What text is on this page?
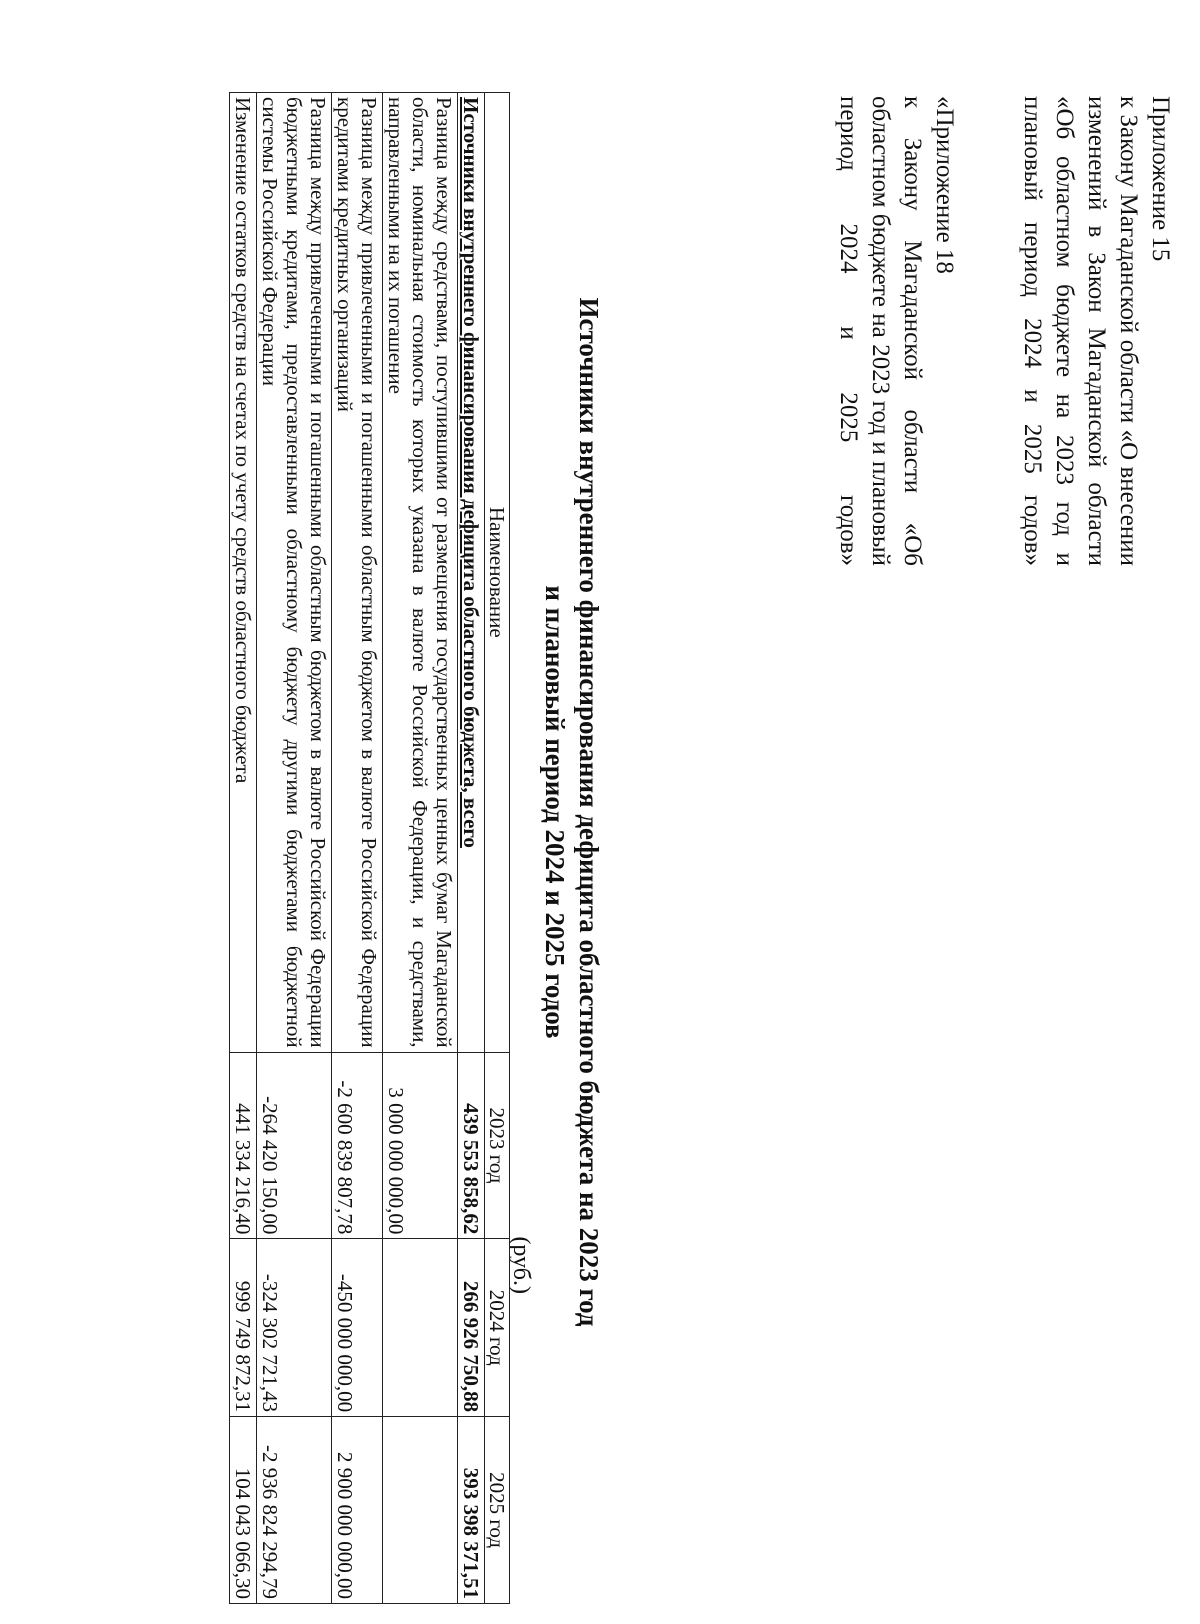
Приложение 15
к Закону Магаданской области «О внесении изменений в Закон Магаданской области «Об областном бюджете на 2023 год и плановый период 2024 и 2025 годов»
«Приложение 18
к Закону Магаданской области «Об областном бюджете на 2023 год и плановый период 2024 и 2025 годов»
Источники внутреннего финансирования дефицита областного бюджета на 2023 год
и плановый период 2024 и 2025 годов
(руб.)
Наименование	2023 год	2024 год	2025 год
Источники внутреннего финансирования дефицита областного бюджета, всего	439 553 858,62	266 926 750,88	393 398 371,51
Разница между средствами, поступившими от размещения государственных ценных бумаг Магаданской области, номинальная стоимость которых указана в валюте Российской Федерации, и средствами, направленными на их погашение	3 000 000 000,00		
Разница между привлеченными и погашенными областным бюджетом в валюте Российской Федерации кредитами кредитных организаций	-2 600 839 807,78	-450 000 000,00	2 900 000 000,00
Разница между привлеченными и погашенными областным бюджетом в валюте Российской Федерации бюджетными кредитами, предоставленными областному бюджету другими бюджетами бюджетной системы Российской Федерации	-264 420 150,00	-324 302 721,43	-2 936 824 294,79
Изменение остатков средств на счетах по учету средств областного бюджета	441 334 216,40	999 749 872,31	104 043 066,30
